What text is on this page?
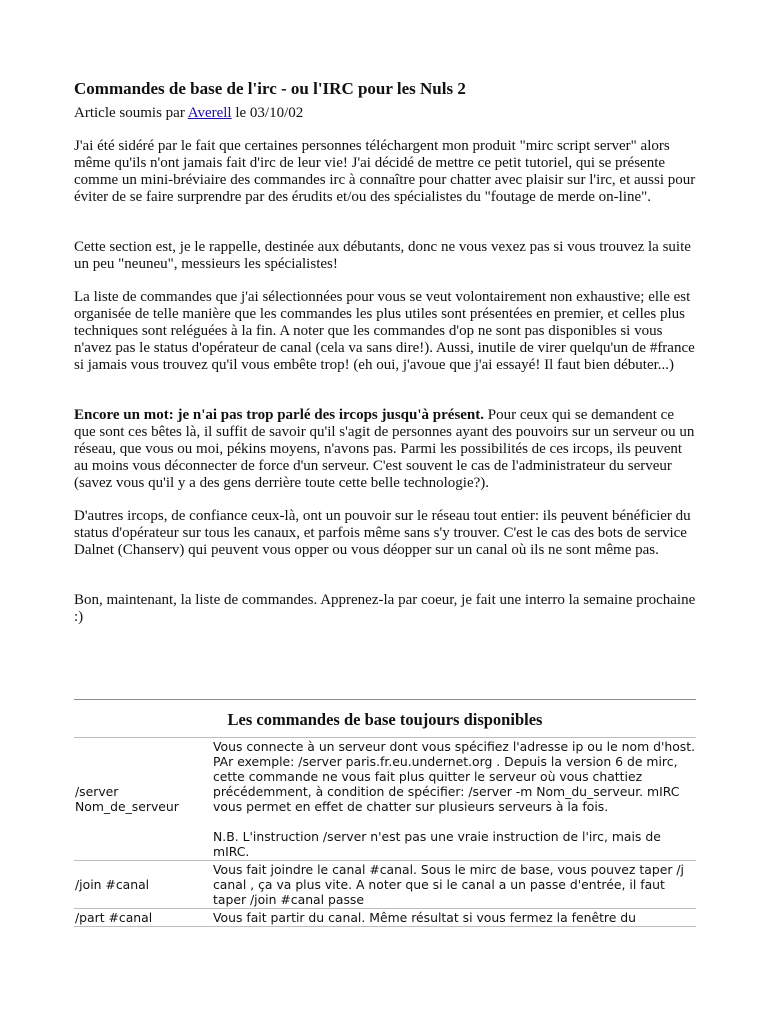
Commandes de base de l'irc - ou l'IRC pour les Nuls 2
Article soumis par Averell le 03/10/02

J'ai été sidéré par le fait que certaines personnes téléchargent mon produit "mirc script server" alors même qu'ils n'ont jamais fait d'irc de leur vie! J'ai décidé de mettre ce petit tutoriel, qui se présente comme un mini-bréviaire des commandes irc à connaître pour chatter avec plaisir sur l'irc, et aussi pour éviter de se faire surprendre par des érudits et/ou des spécialistes du "foutage de merde on-line".

Cette section est, je le rappelle, destinée aux débutants, donc ne vous vexez pas si vous trouvez la suite un peu "neuneu", messieurs les spécialistes!

La liste de commandes que j'ai sélectionnées pour vous se veut volontairement non exhaustive; elle est organisée de telle manière que les commandes les plus utiles sont présentées en premier, et celles plus techniques sont reléguées à la fin. A noter que les commandes d'op ne sont pas disponibles si vous n'avez pas le status d'opérateur de canal (cela va sans dire!). Aussi, inutile de virer quelqu'un de #france si jamais vous trouvez qu'il vous embête trop! (eh oui, j'avoue que j'ai essayé! Il faut bien débuter...)

Encore un mot: je n'ai pas trop parlé des ircops jusqu'à présent. Pour ceux qui se demandent ce que sont ces bêtes là, il suffit de savoir qu'il s'agit de personnes ayant des pouvoirs sur un serveur ou un réseau, que vous ou moi, pékins moyens, n'avons pas. Parmi les possibilités de ces ircops, ils peuvent au moins vous déconnecter de force d'un serveur. C'est souvent le cas de l'administrateur du serveur (savez vous qu'il y a des gens derrière toute cette belle technologie?).

D'autres ircops, de confiance ceux-là, ont un pouvoir sur le réseau tout entier: ils peuvent bénéficier du status d'opérateur sur tous les canaux, et parfois même sans s'y trouver. C'est le cas des bots de service Dalnet (Chanserv) qui peuvent vous opper ou vous déopper sur un canal où ils ne sont même pas.

Bon, maintenant, la liste de commandes. Apprenez-la par coeur, je fait une interro la semaine prochaine :)

Les commandes de base toujours disponibles
/server Nom_de_serveur	Vous connecte à un serveur dont vous spécifiez l'adresse ip ou le nom d'host. PAr exemple: /server paris.fr.eu.undernet.org . Depuis la version 6 de mirc, cette commande ne vous fait plus quitter le serveur où vous chattiez précédemment, à condition de spécifier: /server -m Nom_du_serveur. mIRC vous permet en effet de chatter sur plusieurs serveurs à la fois.
N.B. L'instruction /server n'est pas une vraie instruction de l'irc, mais de mIRC.

/join #canal	Vous fait joindre le canal #canal. Sous le mirc de base, vous pouvez taper /j canal , ça va plus vite. A noter que si le canal a un passe d'entrée, il faut taper /join #canal passe
/part #canal	Vous fait partir du canal. Même résultat si vous fermez la fenêtre du
